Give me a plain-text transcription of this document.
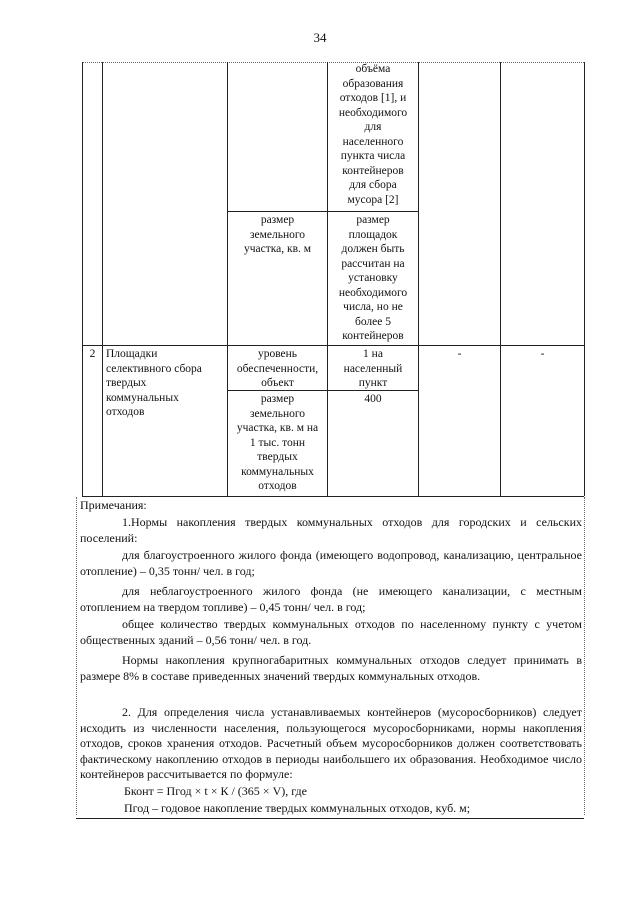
34
объёма
образования
отходов [1], и
необходимого
для
населенного
пункта числа
контейнеров
для сбора
мусора [2]
размер
земельного
участка, кв. м
размер
площадок
должен быть
рассчитан на
установку
необходимого
числа, но не
более 5
контейнеров
2 Площадки
селективного сбора
твердых
коммунальных
отходов
уровень
обеспеченности,
объект
1 на
населенный
пункт
-	-
размер
земельного
участка, кв. м на
1 тыс. тонн
твердых
коммунальных
отходов
400
Примечания:
1.Нормы накопления твердых коммунальных отходов для городских и сельских поселений:
для благоустроенного жилого фонда (имеющего водопровод, канализацию, центральное отопление) – 0,35 тонн/ чел. в год;
для неблагоустроенного жилого фонда (не имеющего канализации, с местным отоплением на твердом топливе) – 0,45 тонн/ чел. в год;
общее количество твердых коммунальных отходов по населенному пункту с учетом общественных зданий – 0,56 тонн/ чел. в год.
Нормы накопления крупногабаритных коммунальных отходов следует принимать в размере 8% в составе приведенных значений твердых коммунальных отходов.
2. Для определения числа устанавливаемых контейнеров (мусоросборников) следует исходить из численности населения, пользующегося мусоросборниками, нормы накопления отходов, сроков хранения отходов. Расчетный объем мусоросборников должен соответствовать фактическому накоплению отходов в периоды наибольшего их образования. Необходимое число контейнеров рассчитывается по формуле:
Бконт = Пгод × t × К / (365 × V), где
Пгод – годовое накопление твердых коммунальных отходов, куб. м;
